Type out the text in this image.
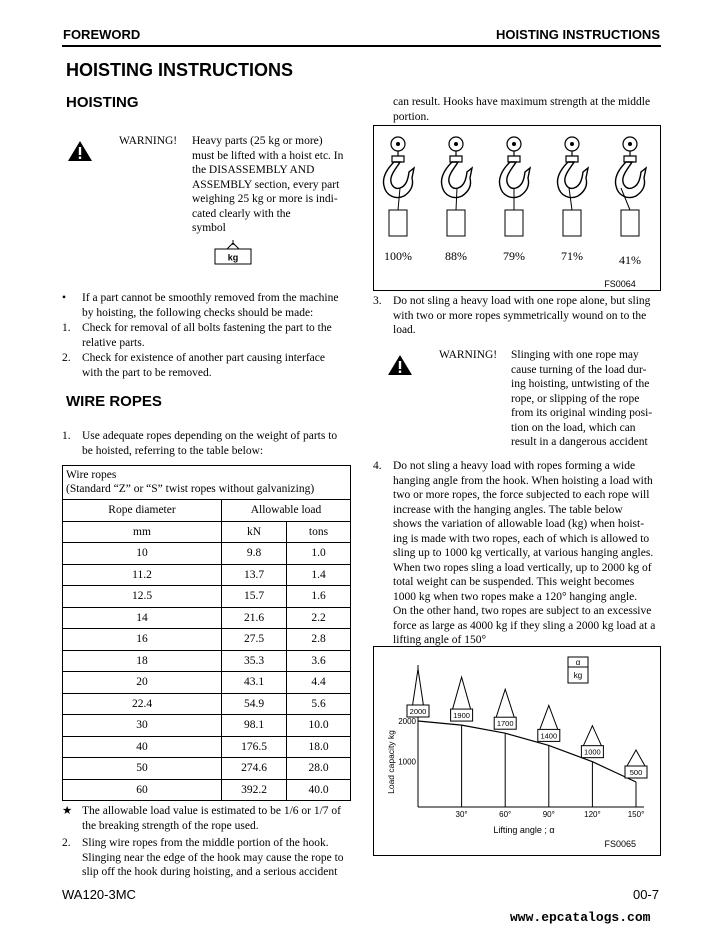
FOREWORD	HOISTING INSTRUCTIONS
HOISTING INSTRUCTIONS
HOISTING
WARNING! Heavy parts (25 kg or more)
must be lifted with a hoist etc. In
the DISASSEMBLY AND
ASSEMBLY section, every part
weighing 25 kg or more is indi-
cated clearly with the
symbol
kg
•	If a part cannot be smoothly removed from the machine
by hoisting, the following checks should be made:
1. Check for removal of all bolts fastening the part to the
relative parts.
2. Check for existence of another part causing interface
with the part to be removed.
WIRE ROPES
1. Use adequate ropes depending on the weight of parts to
be hoisted, referring to the table below:
Wire ropes
(Standard “Z” or “S” twist ropes without galvanizing)		

Rope diameter	Allowable load	
mm	kN	tons
10	9.8	1.0
11.2	13.7	1.4
12.5	15.7	1.6
14	21.6	2.2
16	27.5	2.8
18	35.3	3.6
20	43.1	4.4
22.4	54.9	5.6
30	98.1	10.0
40	176.5	18.0
50	274.6	28.0
60	392.2	40.0
★ The allowable load value is estimated to be 1/6 or 1/7 of
the breaking strength of the rope used.
2. Sling wire ropes from the middle portion of the hook.
Slinging near the edge of the hook may cause the rope to
slip off the hook during hoisting, and a serious accident
can result. Hooks have maximum strength at the middle
portion.
100%	88%	79%	71%	41%
FS0064
3. Do not sling a heavy load with one rope alone, but sling
with two or more ropes symmetrically wound on to the
load.
WARNING! Slinging with one rope may
cause turning of the load dur-
ing hoisting, untwisting of the
rope, or slipping of the rope
from its original winding posi-
tion on the load, which can
result in a dangerous accident
4. Do not sling a heavy load with ropes forming a wide
hanging angle from the hook. When hoisting a load with
two or more ropes, the force subjected to each rope will
increase with the hanging angles. The table below
shows the variation of allowable load (kg) when hoist-
ing is made with two ropes, each of which is allowed to
sling up to 1000 kg vertically, at various hanging angles.
When two ropes sling a load vertically, up to 2000 kg of
total weight can be suspended. This weight becomes
1000 kg when two ropes make a 120° hanging angle.
On the other hand, two ropes are subject to an excessive
force as large as 4000 kg if they sling a 2000 kg load at a
lifting angle of 150°
30°	60°	90°	120°	150°
2000
1000
Load capacity kg
Lifting angle ; α
FS0065
2000	1900
1700
1400
1000
500
α
kg
WA120-3MC	00-7
www.epcatalogs.com
